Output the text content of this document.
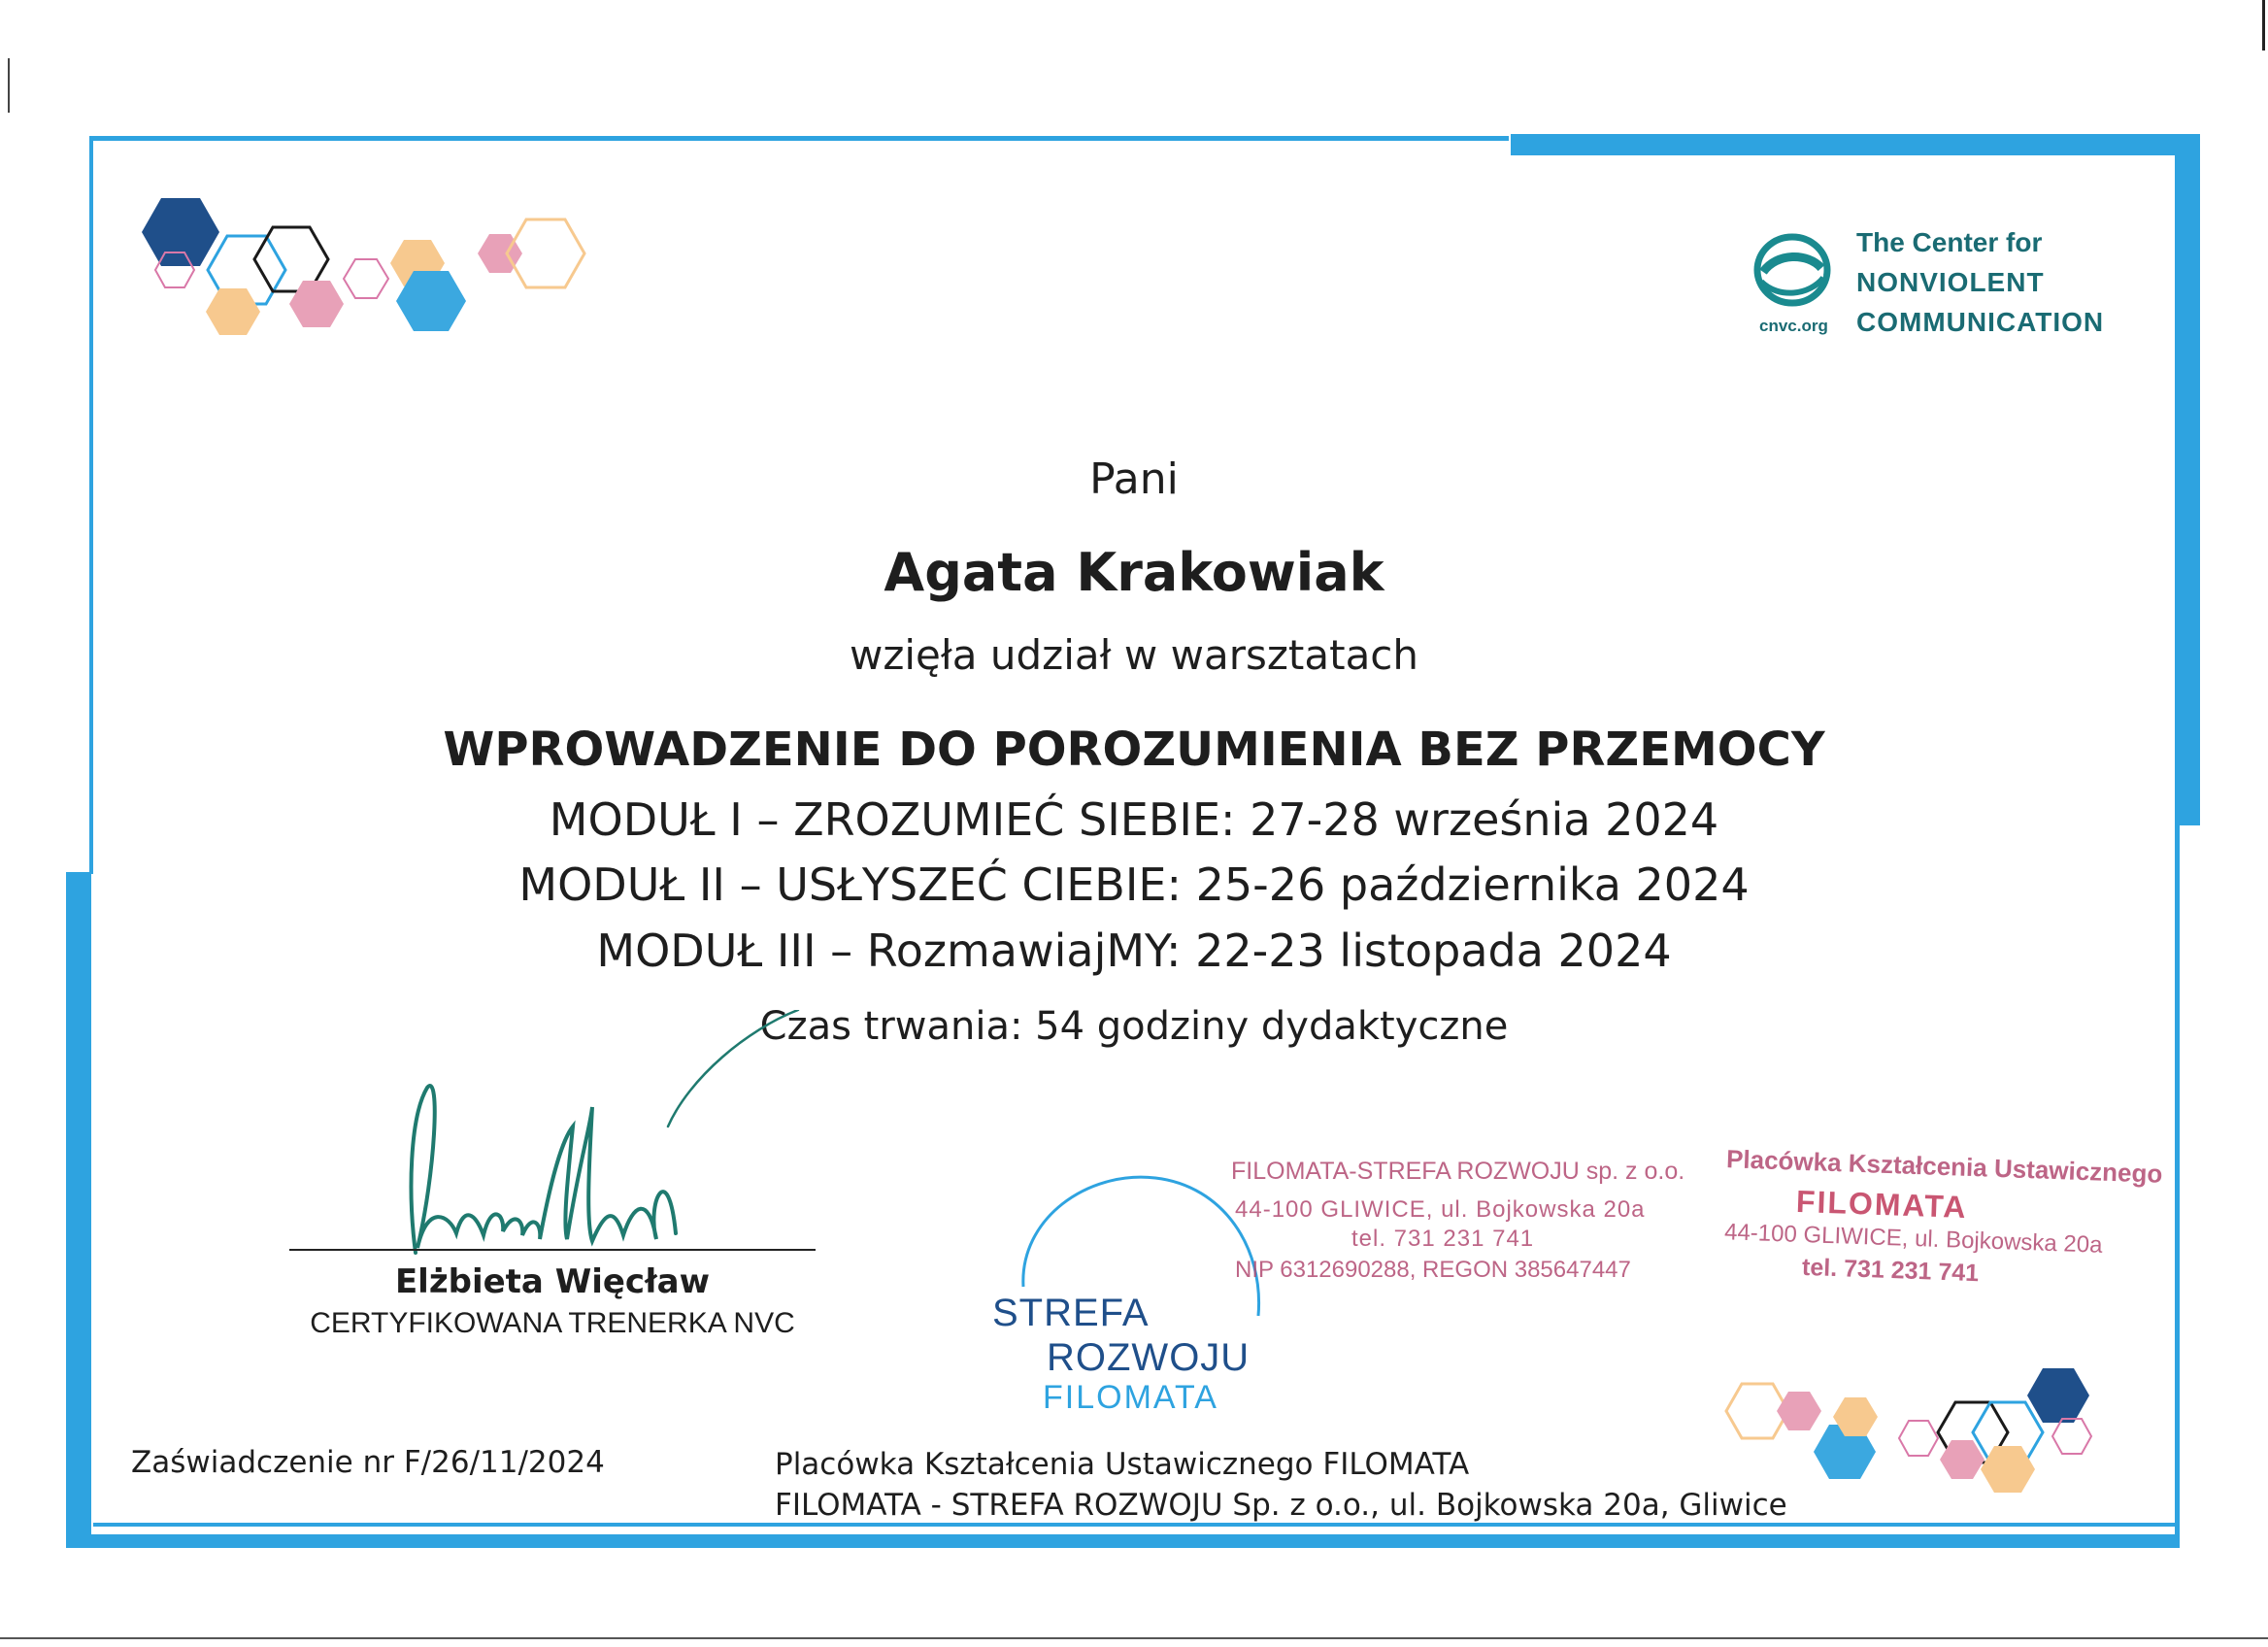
cnvc.org
The Center for
NONVIOLENT
COMMUNICATION
Pani
Agata Krakowiak
wzięła udział w warsztatach
WPROWADZENIE DO POROZUMIENIA BEZ PRZEMOCY
MODUŁ I – ZROZUMIEĆ SIEBIE: 27-28 września 2024
MODUŁ II – USŁYSZEĆ CIEBIE: 25-26 października 2024
MODUŁ III – RozmawiajMY: 22-23 listopada 2024
Czas trwania: 54 godziny dydaktyczne
Elżbieta Więcław
CERTYFIKOWANA TRENERKA NVC	STREFA
ROZWOJU
FILOMATA
FILOMATA-STREFA ROZWOJU sp. z o.o.
44-100 GLIWICE, ul. Bojkowska 20a
tel. 731 231 741
NIP 6312690288, REGON 385647447
Placówka Kształcenia Ustawicznego
FILOMATA
44-100 GLIWICE, ul. Bojkowska 20a
tel. 731 231 741
Zaświadczenie nr F/26/11/2024	Placówka Kształcenia Ustawicznego FILOMATA
FILOMATA - STREFA ROZWOJU Sp. z o.o., ul. Bojkowska 20a, Gliwice
